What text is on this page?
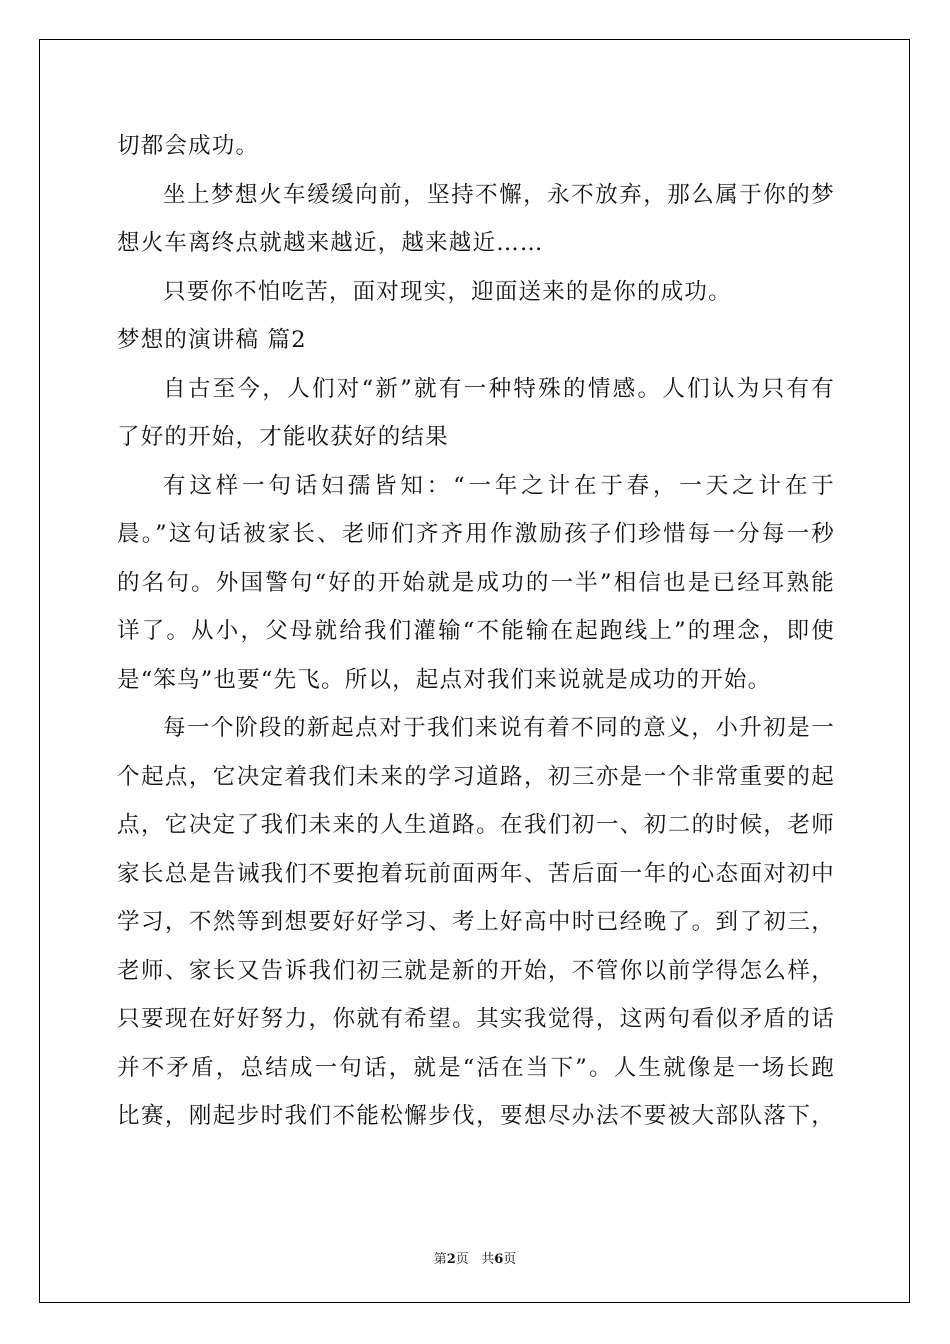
切都会成功。
坐上梦想火车缓缓向前，坚持不懈，永不放弃，那么属于你的梦
想火车离终点就越来越近，越来越近……
只要你不怕吃苦，面对现实，迎面送来的是你的成功。
梦想的演讲稿 篇2
自古至今，人们对“新”就有一种特殊的情感。人们认为只有有
了好的开始，才能收获好的结果
有这样一句话妇孺皆知：“一年之计在于春，一天之计在于
晨。”这句话被家长、老师们齐齐用作激励孩子们珍惜每一分每一秒
的名句。外国警句“好的开始就是成功的一半”相信也是已经耳熟能
详了。从小，父母就给我们灌输“不能输在起跑线上”的理念，即使
是“笨鸟”也要“先飞。所以，起点对我们来说就是成功的开始。
每一个阶段的新起点对于我们来说有着不同的意义，小升初是一
个起点，它决定着我们未来的学习道路，初三亦是一个非常重要的起
点，它决定了我们未来的人生道路。在我们初一、初二的时候，老师
家长总是告诫我们不要抱着玩前面两年、苦后面一年的心态面对初中
学习，不然等到想要好好学习、考上好高中时已经晚了。到了初三，
老师、家长又告诉我们初三就是新的开始，不管你以前学得怎么样，
只要现在好好努力，你就有希望。其实我觉得，这两句看似矛盾的话
并不矛盾，总结成一句话，就是“活在当下”。人生就像是一场长跑
比赛，刚起步时我们不能松懈步伐，要想尽办法不要被大部队落下，
第2页   共6页
